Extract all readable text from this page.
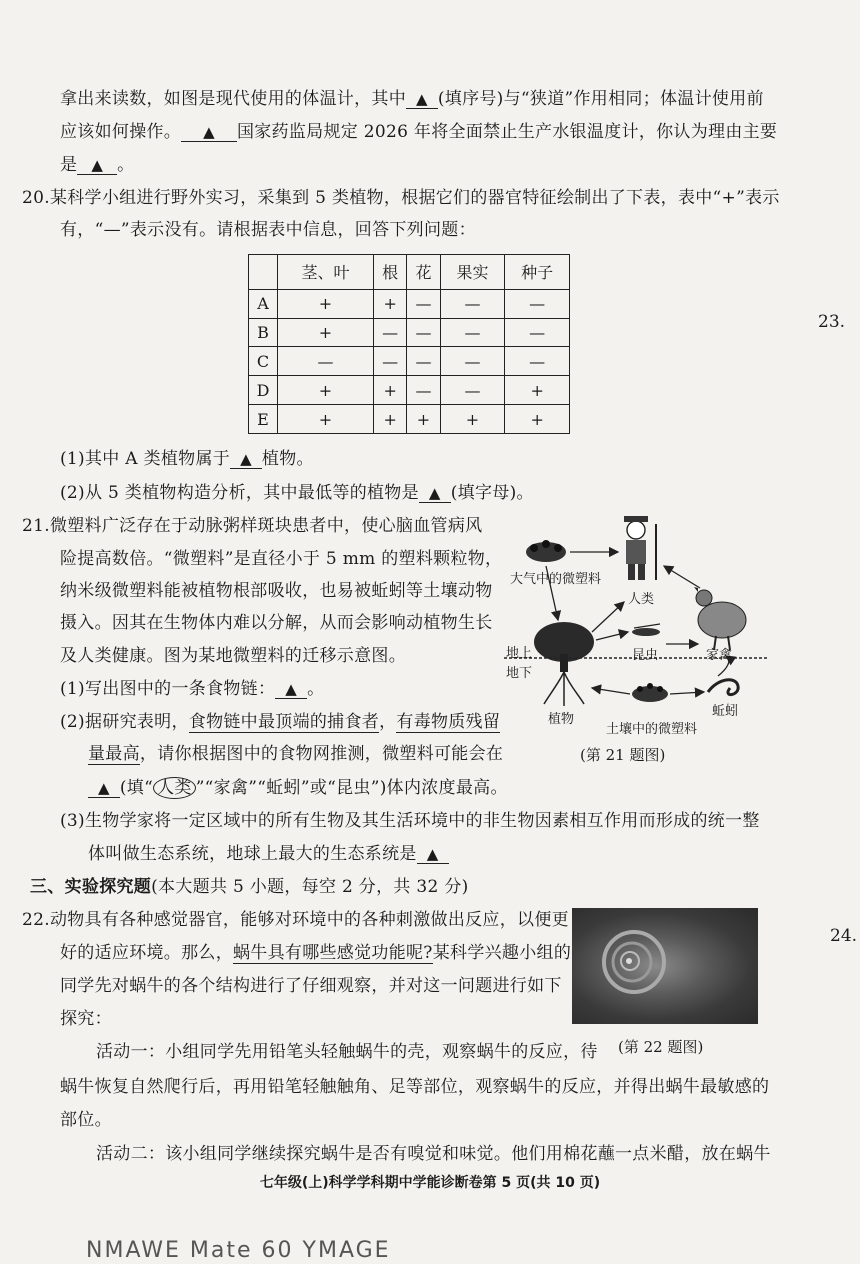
拿出来读数，如图是现代使用的体温计，其中 ▲ (填序号)与“狭道”作用相同；体温计使用前
应该如何操作。 ▲ 国家药监局规定 2026 年将全面禁止生产水银温度计，你认为理由主要
是 ▲ 。
20.某科学小组进行野外实习，采集到 5 类植物，根据它们的器官特征绘制出了下表，表中“+”表示
有，“—”表示没有。请根据表中信息，回答下列问题：
	茎、叶	根	花	果实	种子
A	+	+	—	—	—
B	+	—	—	—	—
C	—	—	—	—	—
D	+	+	—	—	+
E	+	+	+	+	+
23.
(1)其中 A 类植物属于 ▲ 植物。
(2)从 5 类植物构造分析，其中最低等的植物是 ▲ (填字母)。
21.微塑料广泛存在于动脉粥样斑块患者中，使心脑血管病风
险提高数倍。“微塑料”是直径小于 5 mm 的塑料颗粒物，
纳米级微塑料能被植物根部吸收，也易被蚯蚓等土壤动物
摄入。因其在生物体内难以分解，从而会影响动植物生长
及人类健康。图为某地微塑料的迁移示意图。
(1)写出图中的一条食物链： ▲ 。
(2)据研究表明，食物链中最顶端的捕食者，有毒物质残留
量最高，请你根据图中的食物网推测，微塑料可能会在
▲ (填“ 人类 ”“家禽”“蚯蚓”或“昆虫”)体内浓度最高。
(3)生物学家将一定区域中的所有生物及其生活环境中的非生物因素相互作用而形成的统一整
体叫做生态系统，地球上最大的生态系统是 ▲
大气中的微塑料
人类
昆虫	家禽
地上
地下
植物
土壤中的微塑料
蚯蚓
(第 21 题图)
三、实验探究题(本大题共 5 小题，每空 2 分，共 32 分)
22.动物具有各种感觉器官，能够对环境中的各种刺激做出反应，以便更
好的适应环境。那么，蜗牛具有哪些感觉功能呢?某科学兴趣小组的
同学先对蜗牛的各个结构进行了仔细观察，并对这一问题进行如下
探究：
(第 22 题图)
24.
活动一：小组同学先用铅笔头轻触蜗牛的壳，观察蜗牛的反应，待
蜗牛恢复自然爬行后，再用铅笔轻触触角、足等部位，观察蜗牛的反应，并得出蜗牛最敏感的
部位。
活动二：该小组同学继续探究蜗牛是否有嗅觉和味觉。他们用棉花蘸一点米醋，放在蜗牛
七年级(上)科学学科期中学能诊断卷第 5 页(共 10 页)
NMAWE Mate 60 YMAGE
